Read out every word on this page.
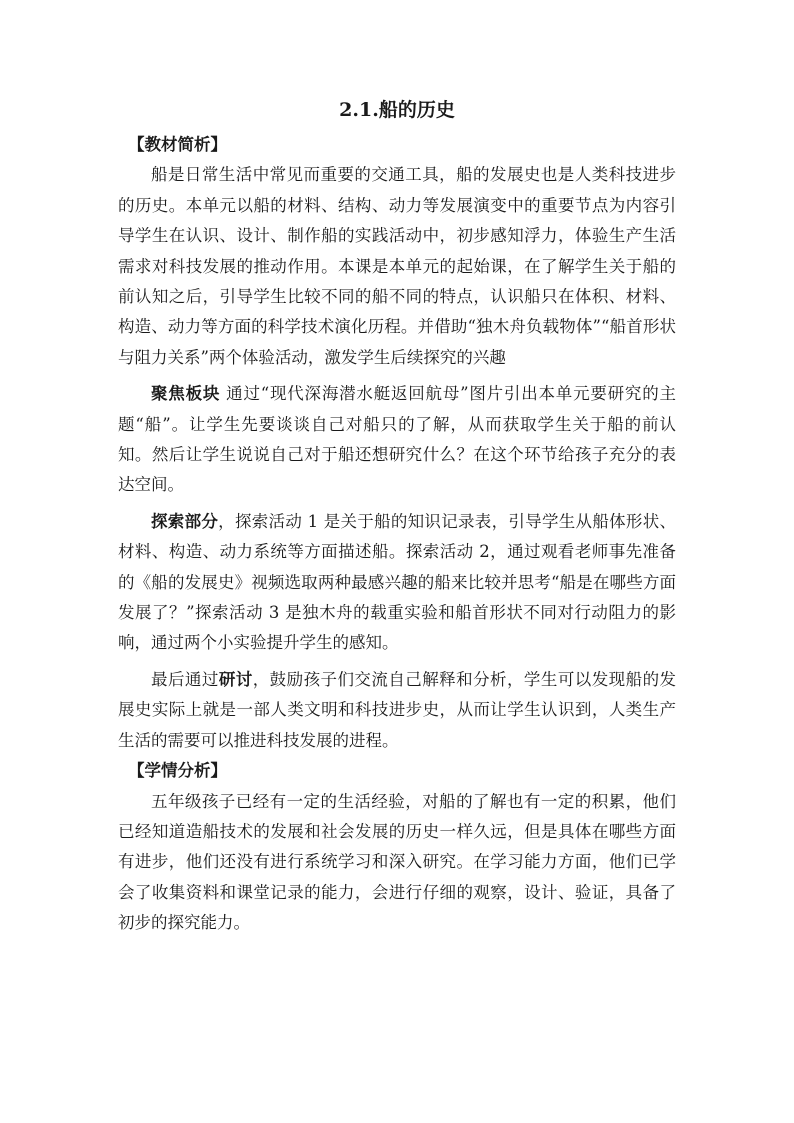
2.1.船的历史
【教材简析】

船是日常生活中常见而重要的交通工具，船的发展史也是人类科技进步的历史。本单元以船的材料、结构、动力等发展演变中的重要节点为内容引导学生在认识、设计、制作船的实践活动中，初步感知浮力，体验生产生活需求对科技发展的推动作用。本课是本单元的起始课，在了解学生关于船的前认知之后，引导学生比较不同的船不同的特点，认识船只在体积、材料、构造、动力等方面的科学技术演化历程。并借助“独木舟负载物体”“船首形状与阻力关系”两个体验活动，激发学生后续探究的兴趣

聚焦板块 通过“现代深海潜水艇返回航母”图片引出本单元要研究的主题“船”。让学生先要谈谈自己对船只的了解，从而获取学生关于船的前认知。然后让学生说说自己对于船还想研究什么？在这个环节给孩子充分的表达空间。

探索部分，探索活动 1 是关于船的知识记录表，引导学生从船体形状、材料、构造、动力系统等方面描述船。探索活动 2，通过观看老师事先准备的《船的发展史》视频选取两种最感兴趣的船来比较并思考“船是在哪些方面发展了？”探索活动 3 是独木舟的载重实验和船首形状不同对行动阻力的影响，通过两个小实验提升学生的感知。

最后通过研讨，鼓励孩子们交流自己解释和分析，学生可以发现船的发展史实际上就是一部人类文明和科技进步史，从而让学生认识到，人类生产生活的需要可以推进科技发展的进程。

【学情分析】

五年级孩子已经有一定的生活经验，对船的了解也有一定的积累，他们已经知道造船技术的发展和社会发展的历史一样久远，但是具体在哪些方面有进步，他们还没有进行系统学习和深入研究。在学习能力方面，他们已学会了收集资料和课堂记录的能力，会进行仔细的观察，设计、验证，具备了初步的探究能力。
